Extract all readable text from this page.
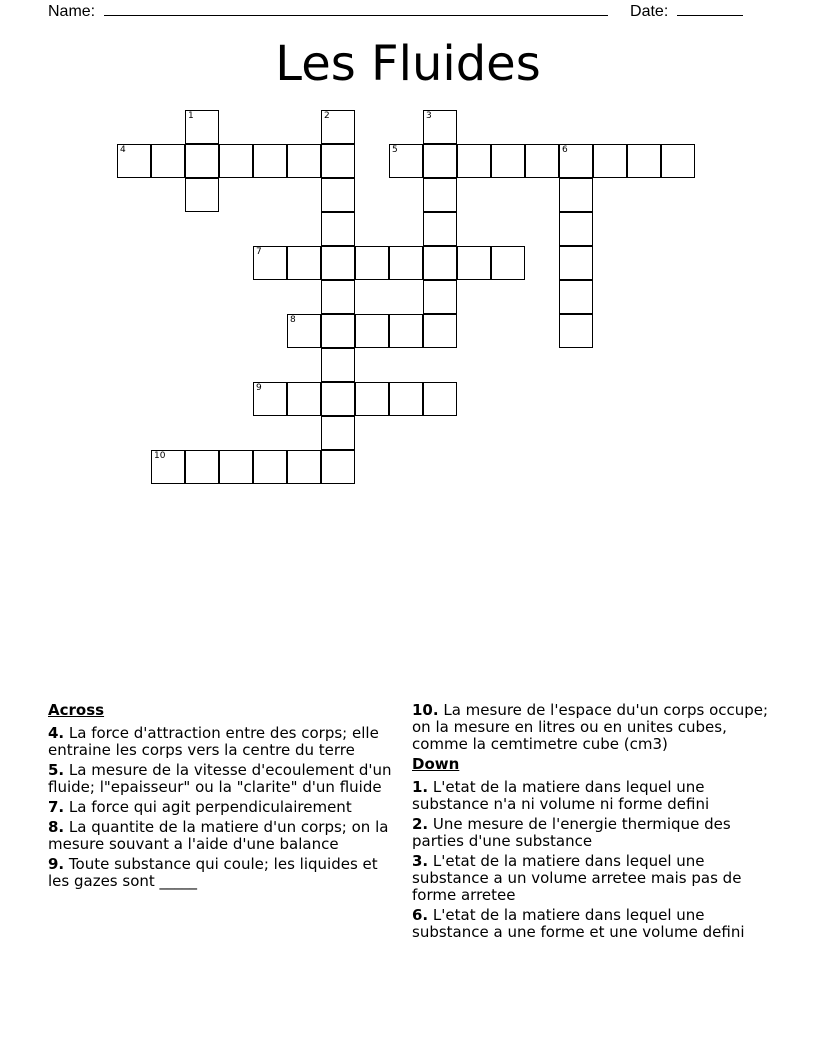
Name:	Date:
Les Fluides
4
1	2	3
5	6
7
8
9
10
Across
4. La force d'attraction entre des corps; elle entraine les corps vers la centre du terre
5. La mesure de la vitesse d'ecoulement d'un fluide; l"epaisseur" ou la "clarite" d'un fluide
7. La force qui agit perpendiculairement
8. La quantite de la matiere d'un corps; on la mesure souvant a l'aide d'une balance
9. Toute substance qui coule; les liquides et les gazes sont _____
10. La mesure de l'espace du'un corps occupe; on la mesure en litres ou en unites cubes, comme la cemtimetre cube (cm3)
Down
1. L'etat de la matiere dans lequel une substance n'a ni volume ni forme defini
2. Une mesure de l'energie thermique des parties d'une substance
3. L'etat de la matiere dans lequel une substance a un volume arretee mais pas de forme arretee
6. L'etat de la matiere dans lequel une substance a une forme et une volume defini
